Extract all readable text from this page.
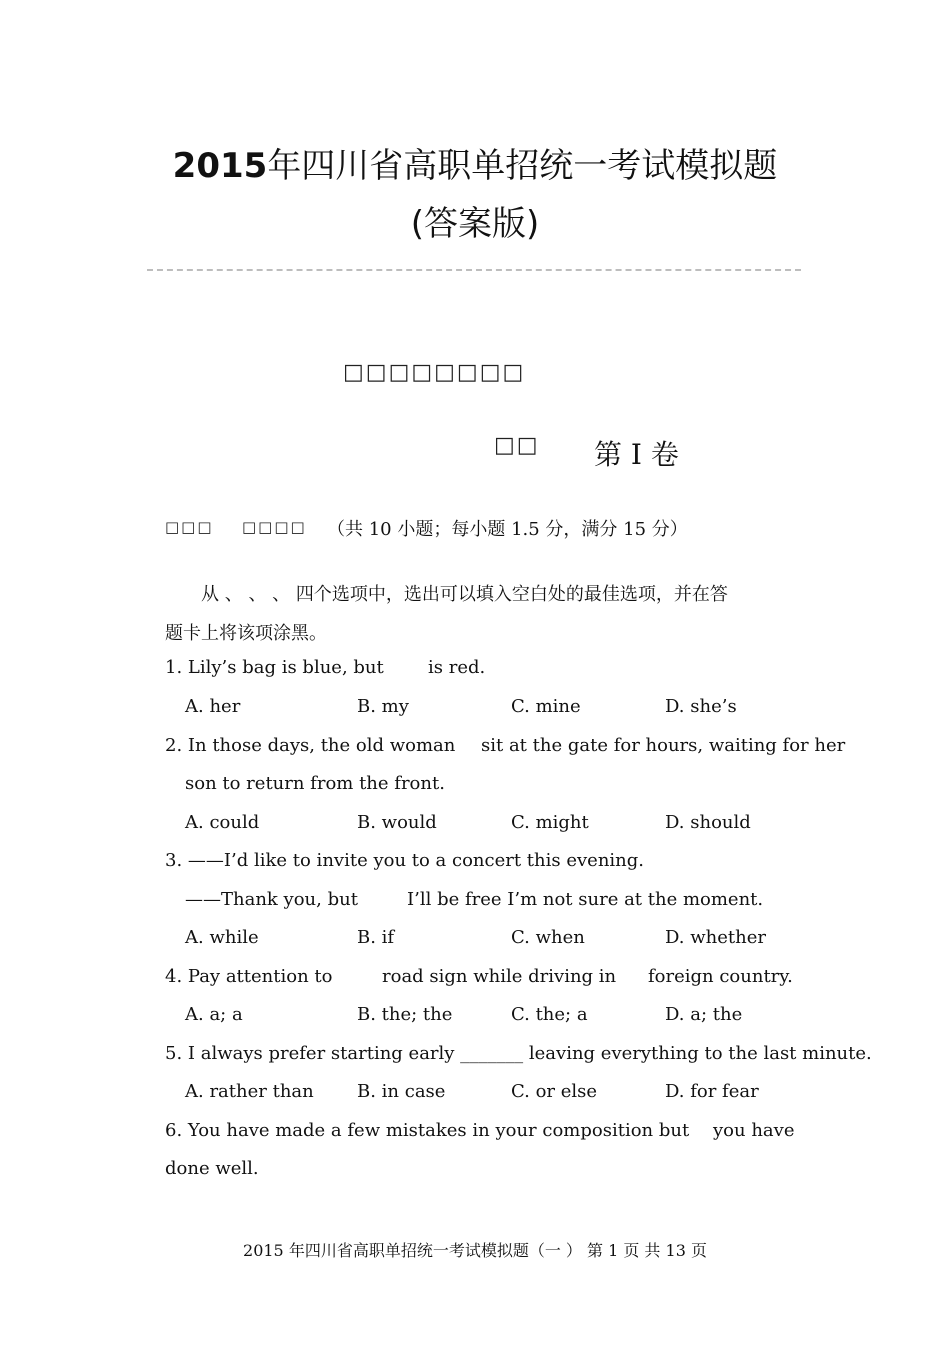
2015年四川省高职单招统一考试模拟题
(答案版)
□□□□□□□□
□□ 第 I 卷
□□□ □□□□ （共 10 小题；每小题 1.5 分，满分 15 分）
从 、 、 、 四个选项中，选出可以填入空白处的最佳选项，并在答
题卡上将该项涂黑。
1. Lily’s bag is blue, but is red.
A. her	B. my	C. mine	D. she’s
2. In those days, the old woman sit at the gate for hours, waiting for her
son to return from the front.
A. could	B. would	C. might	D. should
3. ——I’d like to invite you to a concert this evening.
——Thank you, but	I’ll be free I’m not sure at the moment.
A. while	B. if	C. when	D. whether
4. Pay attention to	road sign while driving in foreign country.
A. a; a	B. the; the	C. the; a	D. a; the
5. I always prefer starting early _______ leaving everything to the last minute.
A. rather than B. in case	C. or else	D. for fear
6. You have made a few mistakes in your composition but you have
done well.
2015 年四川省高职单招统一考试模拟题（一 ） 第 1 页 共 13 页
